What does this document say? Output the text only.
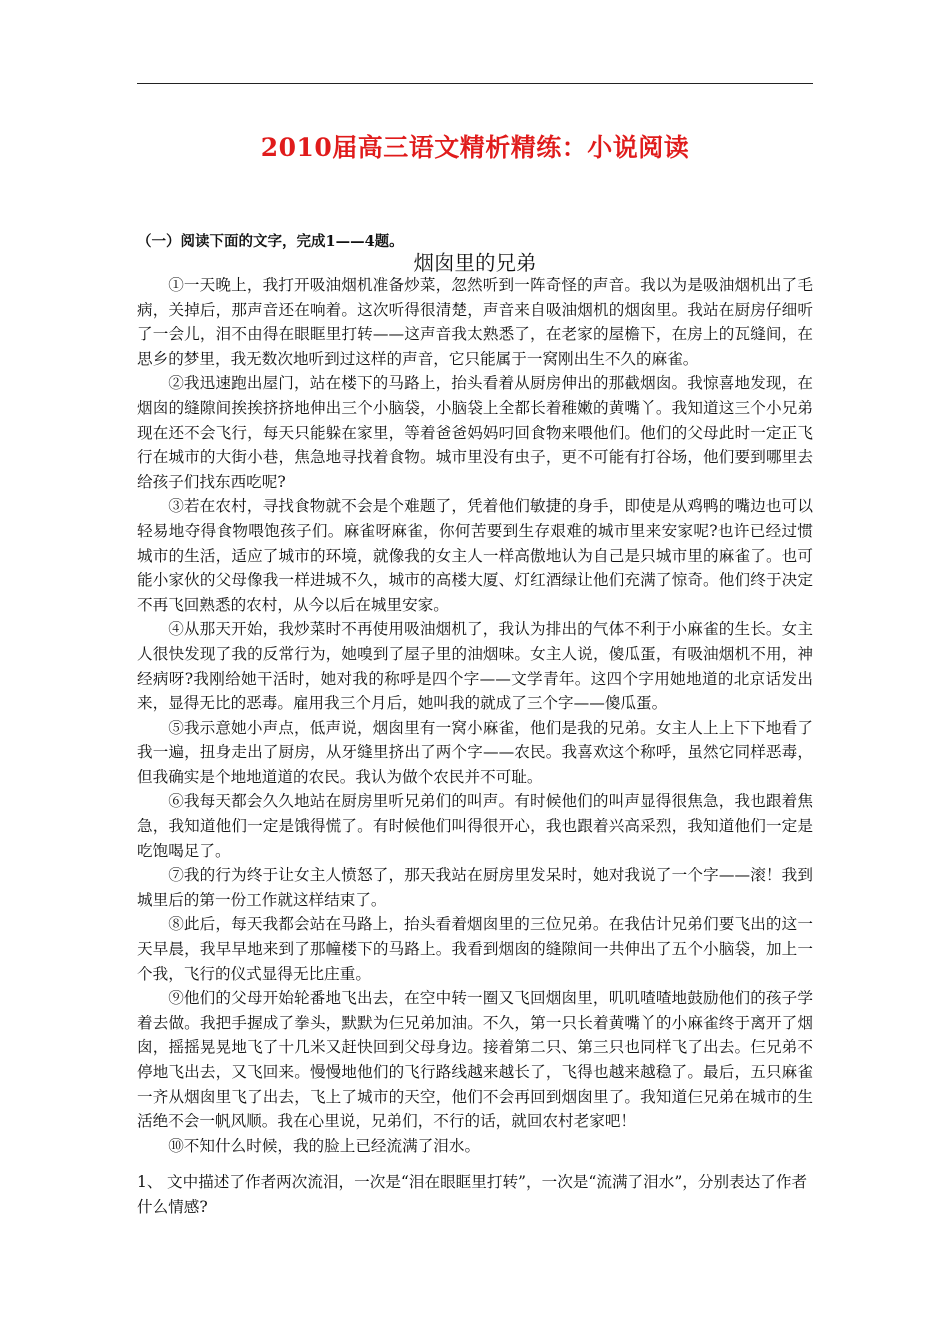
2010届高三语文精析精练：小说阅读
（一）阅读下面的文字，完成1——4题。
烟囱里的兄弟

①一天晚上，我打开吸油烟机准备炒菜，忽然听到一阵奇怪的声音。我以为是吸油烟机出了毛病，关掉后，那声音还在响着。这次听得很清楚，声音来自吸油烟机的烟囱里。我站在厨房仔细听了一会儿，泪不由得在眼眶里打转——这声音我太熟悉了，在老家的屋檐下，在房上的瓦缝间，在思乡的梦里，我无数次地听到过这样的声音，它只能属于一窝刚出生不久的麻雀。

②我迅速跑出屋门，站在楼下的马路上，抬头看着从厨房伸出的那截烟囱。我惊喜地发现，在烟囱的缝隙间挨挨挤挤地伸出三个小脑袋，小脑袋上全都长着稚嫩的黄嘴丫。我知道这三个小兄弟现在还不会飞行，每天只能躲在家里，等着爸爸妈妈叼回食物来喂他们。他们的父母此时一定正飞行在城市的大街小巷，焦急地寻找着食物。城市里没有虫子，更不可能有打谷场，他们要到哪里去给孩子们找东西吃呢?

③若在农村，寻找食物就不会是个难题了，凭着他们敏捷的身手，即使是从鸡鸭的嘴边也可以轻易地夺得食物喂饱孩子们。麻雀呀麻雀，你何苦要到生存艰难的城市里来安家呢?也许已经过惯城市的生活，适应了城市的环境，就像我的女主人一样高傲地认为自己是只城市里的麻雀了。也可能小家伙的父母像我一样进城不久，城市的高楼大厦、灯红酒绿让他们充满了惊奇。他们终于决定不再飞回熟悉的农村，从今以后在城里安家。

④从那天开始，我炒菜时不再使用吸油烟机了，我认为排出的气体不利于小麻雀的生长。女主人很快发现了我的反常行为，她嗅到了屋子里的油烟味。女主人说，傻瓜蛋，有吸油烟机不用，神经病呀?我刚给她干活时，她对我的称呼是四个字——文学青年。这四个字用她地道的北京话发出来，显得无比的恶毒。雇用我三个月后，她叫我的就成了三个字——傻瓜蛋。

⑤我示意她小声点，低声说，烟囱里有一窝小麻雀，他们是我的兄弟。女主人上上下下地看了我一遍，扭身走出了厨房，从牙缝里挤出了两个字——农民。我喜欢这个称呼，虽然它同样恶毒，但我确实是个地地道道的农民。我认为做个农民并不可耻。

⑥我每天都会久久地站在厨房里听兄弟们的叫声。有时候他们的叫声显得很焦急，我也跟着焦急，我知道他们一定是饿得慌了。有时候他们叫得很开心，我也跟着兴高采烈，我知道他们一定是吃饱喝足了。

⑦我的行为终于让女主人愤怒了，那天我站在厨房里发呆时，她对我说了一个字——滚！我到城里后的第一份工作就这样结束了。

⑧此后，每天我都会站在马路上，抬头看着烟囱里的三位兄弟。在我估计兄弟们要飞出的这一天早晨，我早早地来到了那幢楼下的马路上。我看到烟囱的缝隙间一共伸出了五个小脑袋，加上一个我，飞行的仪式显得无比庄重。

⑨他们的父母开始轮番地飞出去，在空中转一圈又飞回烟囱里，叽叽喳喳地鼓励他们的孩子学着去做。我把手握成了拳头，默默为仨兄弟加油。不久，第一只长着黄嘴丫的小麻雀终于离开了烟囱，摇摇晃晃地飞了十几米又赶快回到父母身边。接着第二只、第三只也同样飞了出去。仨兄弟不停地飞出去，又飞回来。慢慢地他们的飞行路线越来越长了，飞得也越来越稳了。最后，五只麻雀一齐从烟囱里飞了出去，飞上了城市的天空，他们不会再回到烟囱里了。我知道仨兄弟在城市的生活绝不会一帆风顺。我在心里说，兄弟们，不行的话，就回农村老家吧！

⑩不知什么时候，我的脸上已经流满了泪水。

1、 文中描述了作者两次流泪，一次是“泪在眼眶里打转”，一次是“流满了泪水”，分别表达了作者什么情感?
